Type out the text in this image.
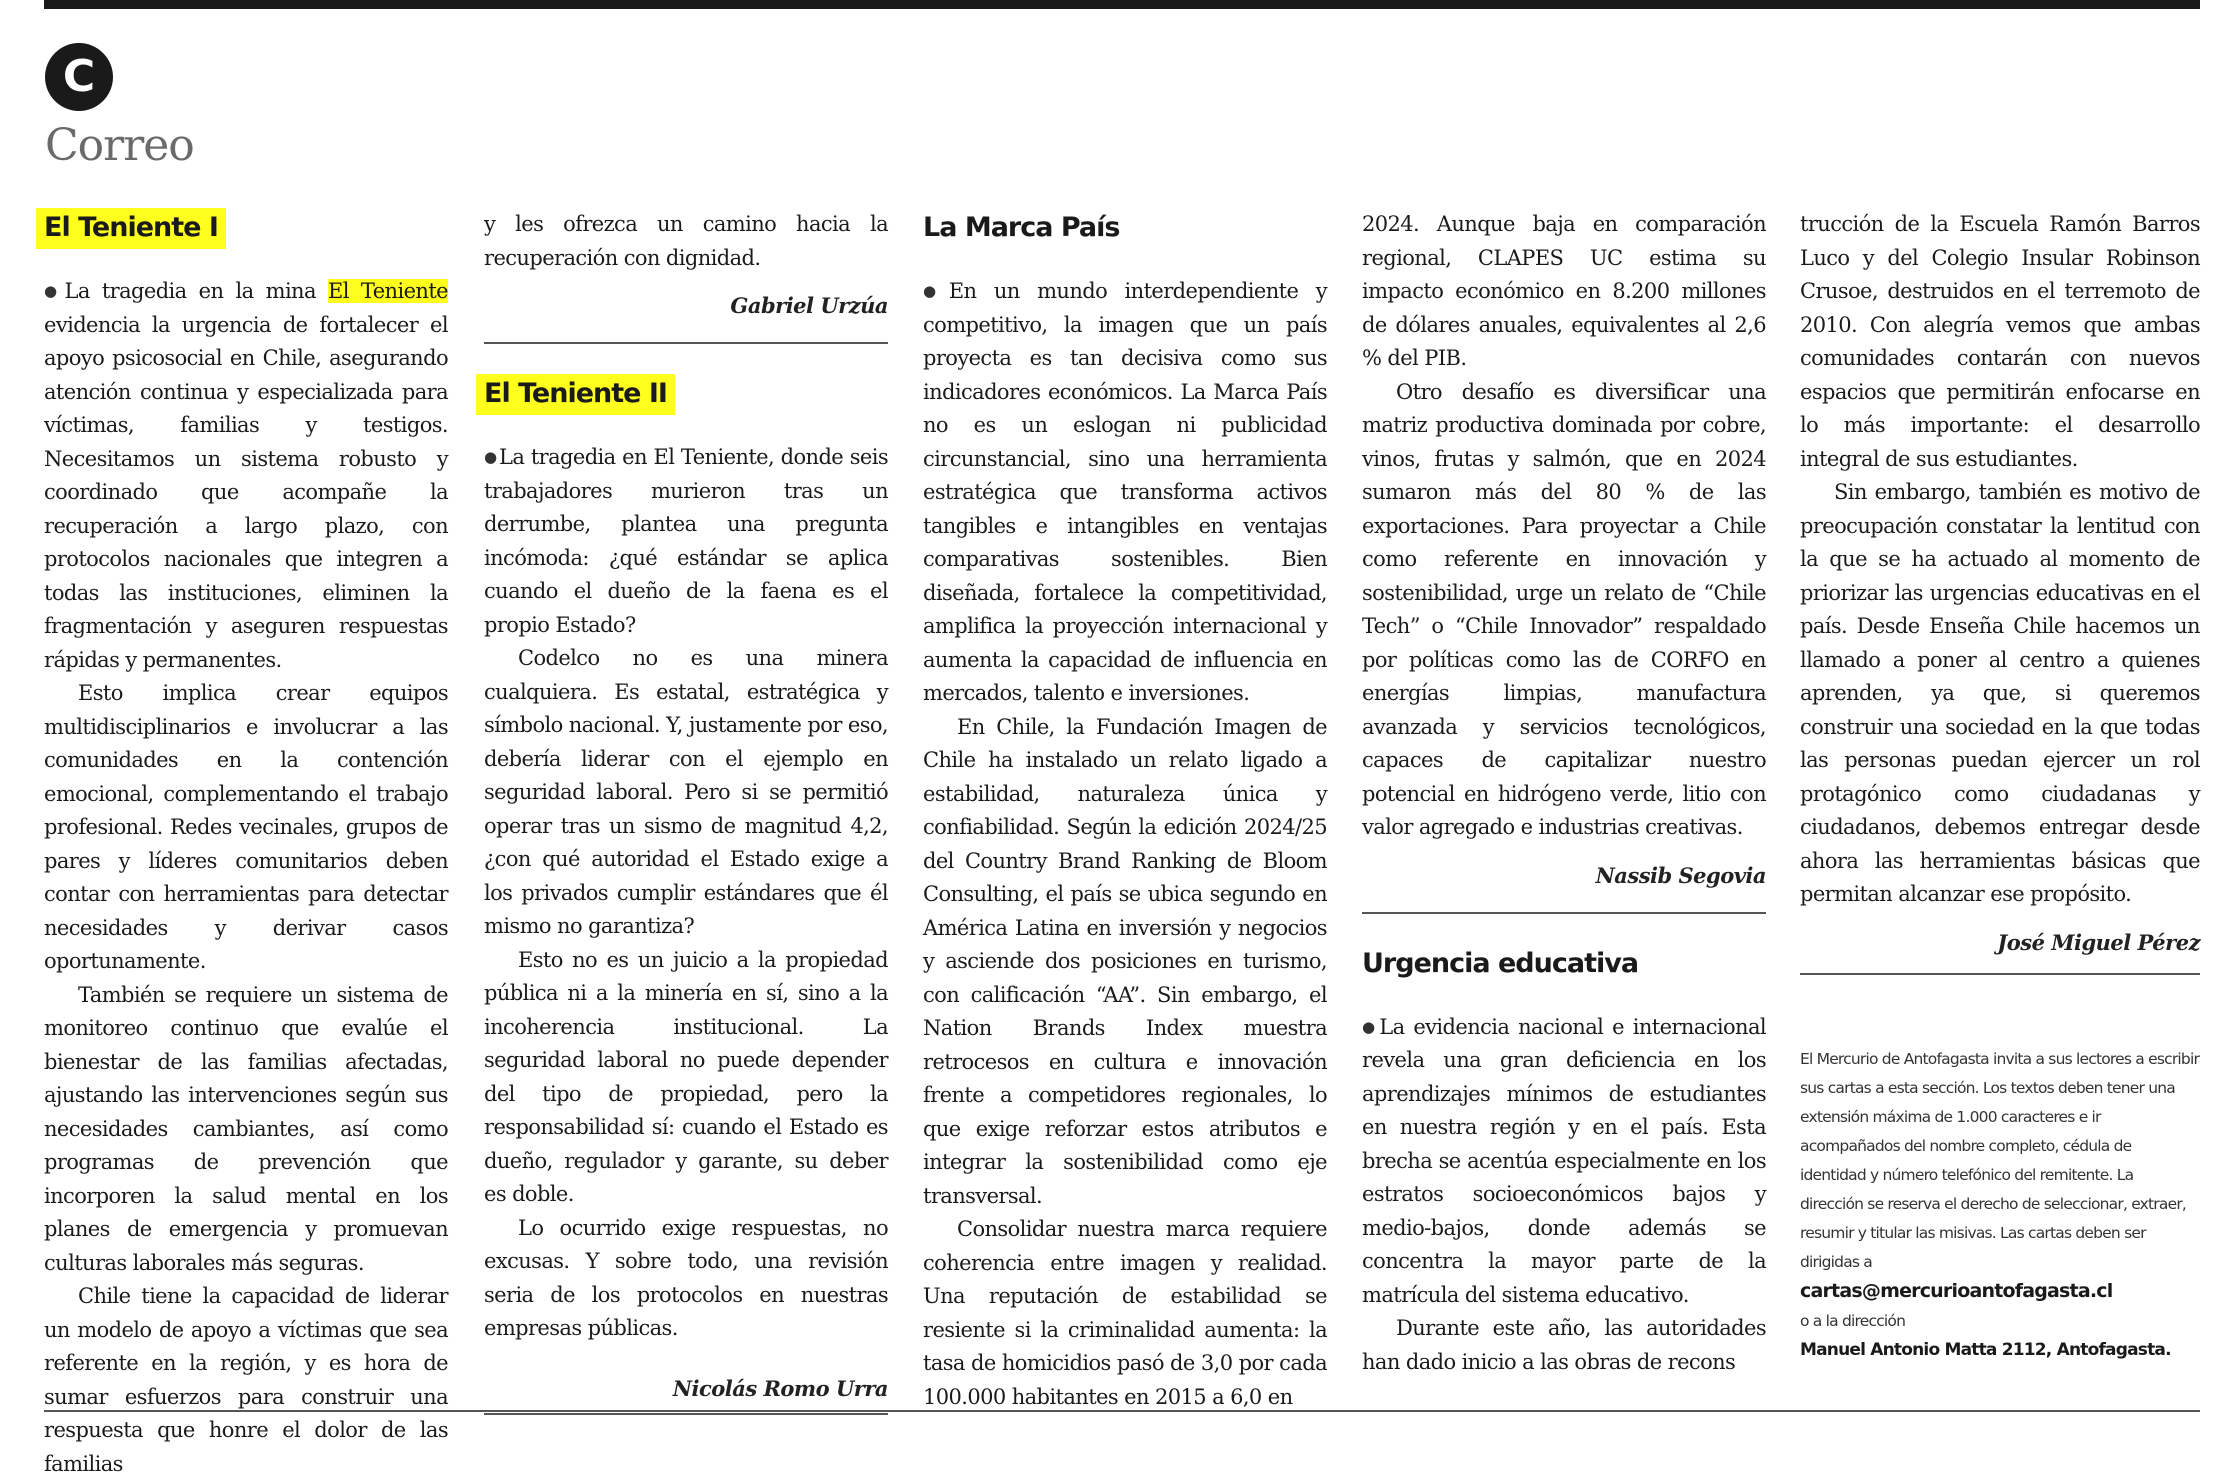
C
Correo
El Teniente I

● La tragedia en la mina El Teniente evidencia la urgencia de fortalecer el apoyo psicosocial en Chile, asegurando atención continua y especializada para víctimas, familias y testigos. Necesitamos un sistema robusto y coordinado que acompañe la recuperación a largo plazo, con protocolos nacionales que integren a todas las instituciones, eliminen la fragmentación y aseguren respuestas rápidas y permanentes.

Esto implica crear equipos multidisciplinarios e involucrar a las comunidades en la contención emocional, complementando el trabajo profesional. Redes vecinales, grupos de pares y líderes comunitarios deben contar con herramientas para detectar necesidades y derivar casos oportunamente.

También se requiere un sistema de monitoreo continuo que evalúe el bienestar de las familias afectadas, ajustando las intervenciones según sus necesidades cambiantes, así como programas de prevención que incorporen la salud mental en los planes de emergencia y promuevan culturas laborales más seguras.

Chile tiene la capacidad de liderar un modelo de apoyo a víctimas que sea referente en la región, y es hora de sumar esfuerzos para construir una respuesta que honre el dolor de las familias

y les ofrezca un camino hacia la recuperación con dignidad.

Gabriel Urzúa
El Teniente II

● La tragedia en El Teniente, donde seis trabajadores murieron tras un derrumbe, plantea una pregunta incómoda: ¿qué estándar se aplica cuando el dueño de la faena es el propio Estado?

Codelco no es una minera cualquiera. Es estatal, estratégica y símbolo nacional. Y, justamente por eso, debería liderar con el ejemplo en seguridad laboral. Pero si se permitió operar tras un sismo de magnitud 4,2, ¿con qué autoridad el Estado exige a los privados cumplir estándares que él mismo no garantiza?

Esto no es un juicio a la propiedad pública ni a la minería en sí, sino a la incoherencia institucional. La seguridad laboral no puede depender del tipo de propiedad, pero la responsabilidad sí: cuando el Estado es dueño, regulador y garante, su deber es doble.

Lo ocurrido exige respuestas, no excusas. Y sobre todo, una revisión seria de los protocolos en nuestras empresas públicas.

Nicolás Romo Urra
La Marca País

● En un mundo interdependiente y competitivo, la imagen que un país proyecta es tan decisiva como sus indicadores económicos. La Marca País no es un eslogan ni publicidad circunstancial, sino una herramienta estratégica que transforma activos tangibles e intangibles en ventajas comparativas sostenibles. Bien diseñada, fortalece la competitividad, amplifica la proyección internacional y aumenta la capacidad de influencia en mercados, talento e inversiones.

En Chile, la Fundación Imagen de Chile ha instalado un relato ligado a estabilidad, naturaleza única y confiabilidad. Según la edición 2024/25 del Country Brand Ranking de Bloom Consulting, el país se ubica segundo en América Latina en inversión y negocios y asciende dos posiciones en turismo, con calificación “AA”. Sin embargo, el Nation Brands Index muestra retrocesos en cultura e innovación frente a competidores regionales, lo que exige reforzar estos atributos e integrar la sostenibilidad como eje transversal.

Consolidar nuestra marca requiere coherencia entre imagen y realidad. Una reputación de estabilidad se resiente si la criminalidad aumenta: la tasa de homicidios pasó de 3,0 por cada 100.000 habitantes en 2015 a 6,0 en

2024. Aunque baja en comparación regional, CLAPES UC estima su impacto económico en 8.200 millones de dólares anuales, equivalentes al 2,6 % del PIB.

Otro desafío es diversificar una matriz productiva dominada por cobre, vinos, frutas y salmón, que en 2024 sumaron más del 80 % de las exportaciones. Para proyectar a Chile como referente en innovación y sostenibilidad, urge un relato de “Chile Tech” o “Chile Innovador” respaldado por políticas como las de CORFO en energías limpias, manufactura avanzada y servicios tecnológicos, capaces de capitalizar nuestro potencial en hidrógeno verde, litio con valor agregado e industrias creativas.

Nassib Segovia
Urgencia educativa

● La evidencia nacional e internacional revela una gran deficiencia en los aprendizajes mínimos de estudiantes en nuestra región y en el país. Esta brecha se acentúa especialmente en los estratos socioeconómicos bajos y medio-bajos, donde además se concentra la mayor parte de la matrícula del sistema educativo.

Durante este año, las autoridades han dado inicio a las obras de recons

trucción de la Escuela Ramón Barros Luco y del Colegio Insular Robinson Crusoe, destruidos en el terremoto de 2010. Con alegría vemos que ambas comunidades contarán con nuevos espacios que permitirán enfocarse en lo más importante: el desarrollo integral de sus estudiantes.

Sin embargo, también es motivo de preocupación constatar la lentitud con la que se ha actuado al momento de priorizar las urgencias educativas en el país. Desde Enseña Chile hacemos un llamado a poner al centro a quienes aprenden, ya que, si queremos construir una sociedad en la que todas las personas puedan ejercer un rol protagónico como ciudadanas y ciudadanos, debemos entregar desde ahora las herramientas básicas que permitan alcanzar ese propósito.

José Miguel Pérez
El Mercurio de Antofagasta invita a sus lectores a escribir sus cartas a esta sección. Los textos deben tener una extensión máxima de 1.000 caracteres e ir acompañados del nombre completo, cédula de identidad y número telefónico del remitente. La dirección se reserva el derecho de seleccionar, extraer, resumir y titular las misivas. Las cartas deben ser dirigidas a
cartas@mercurioantofagasta.cl
o a la dirección
Manuel Antonio Matta 2112, Antofagasta.
